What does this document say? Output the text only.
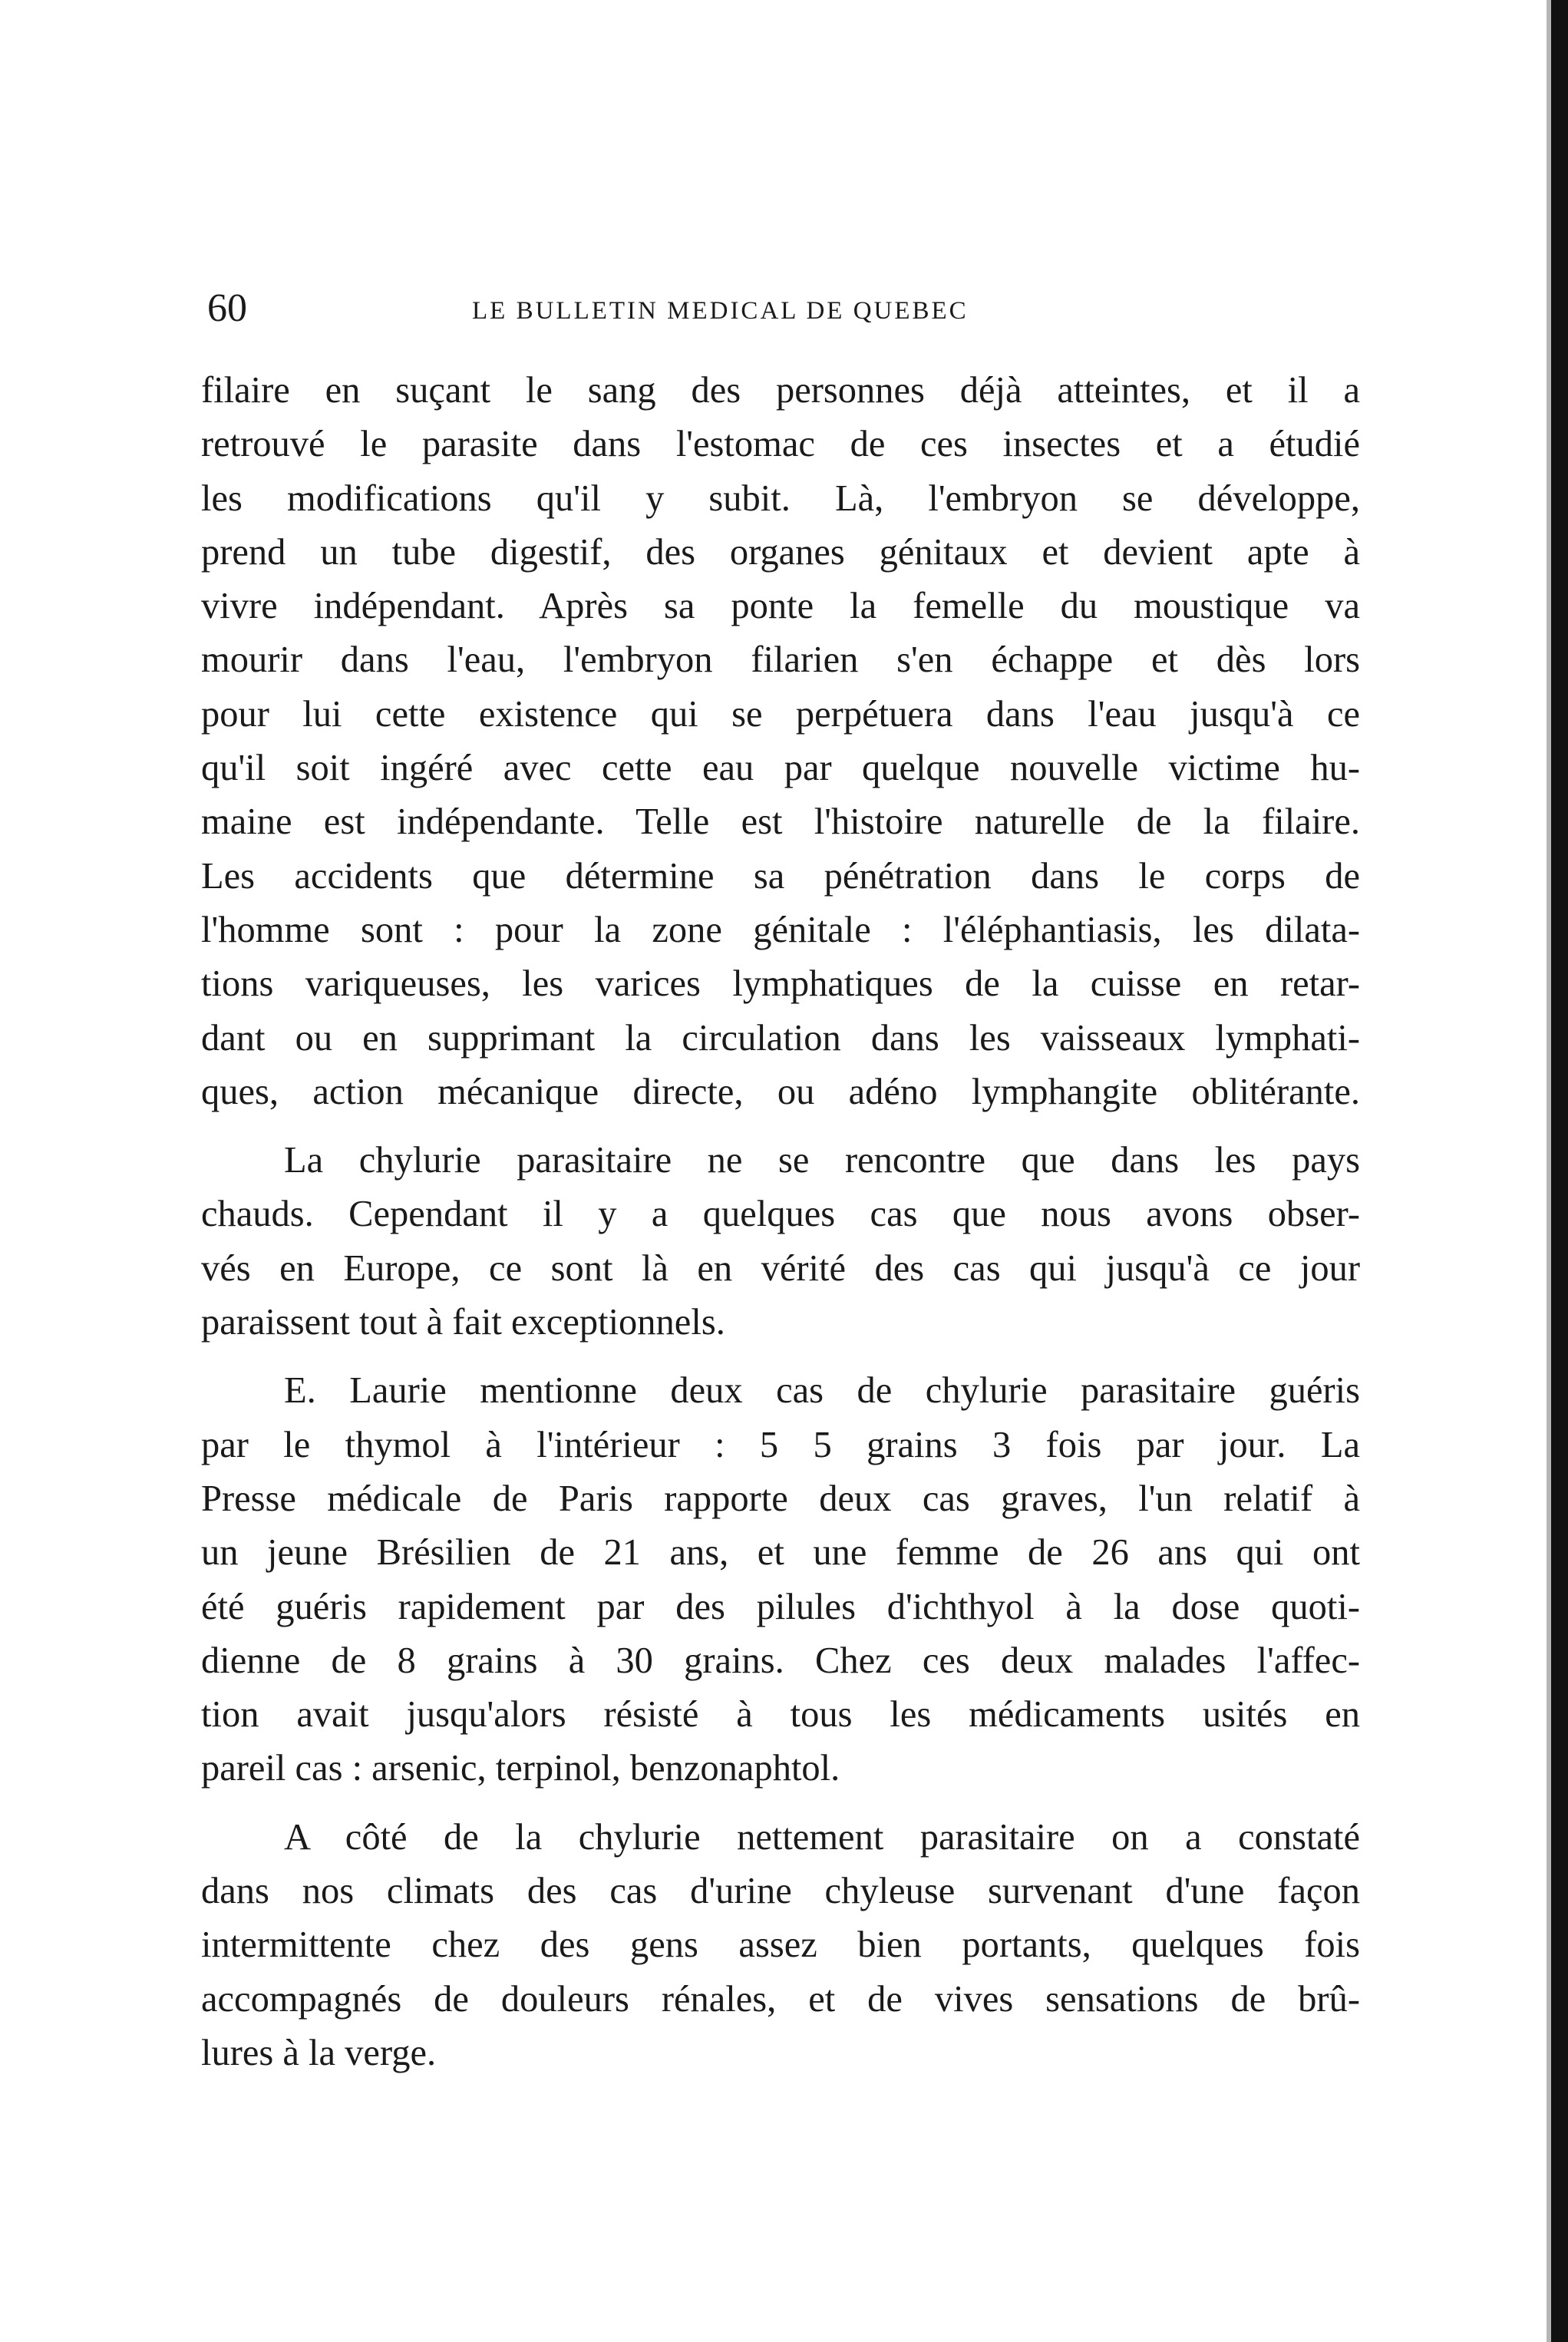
60	LE BULLETIN MEDICAL DE QUEBEC
filaire en suçant le sang des personnes déjà atteintes, et il a
retrouvé le parasite dans l'estomac de ces insectes et a étudié
les modifications qu'il y subit. Là, l'embryon se développe,
prend un tube digestif, des organes génitaux et devient apte à
vivre indépendant. Après sa ponte la femelle du moustique va
mourir dans l'eau, l'embryon filarien s'en échappe et dès lors
pour lui cette existence qui se perpétuera dans l'eau jusqu'à ce
qu'il soit ingéré avec cette eau par quelque nouvelle victime hu-
maine est indépendante. Telle est l'histoire naturelle de la filaire.
Les accidents que détermine sa pénétration dans le corps de
l'homme sont : pour la zone génitale : l'éléphantiasis, les dilata-
tions variqueuses, les varices lymphatiques de la cuisse en retar-
dant ou en supprimant la circulation dans les vaisseaux lymphati-
ques, action mécanique directe, ou adéno lymphangite oblitérante.
La chylurie parasitaire ne se rencontre que dans les pays
chauds. Cependant il y a quelques cas que nous avons obser-
vés en Europe, ce sont là en vérité des cas qui jusqu'à ce jour
paraissent tout à fait exceptionnels.
E. Laurie mentionne deux cas de chylurie parasitaire guéris
par le thymol à l'intérieur : 5 5 grains 3 fois par jour. La
Presse médicale de Paris rapporte deux cas graves, l'un relatif à
un jeune Brésilien de 21 ans, et une femme de 26 ans qui ont
été guéris rapidement par des pilules d'ichthyol à la dose quoti-
dienne de 8 grains à 30 grains. Chez ces deux malades l'affec-
tion avait jusqu'alors résisté à tous les médicaments usités en
pareil cas : arsenic, terpinol, benzonaphtol.
A côté de la chylurie nettement parasitaire on a constaté
dans nos climats des cas d'urine chyleuse survenant d'une façon
intermittente chez des gens assez bien portants, quelques fois
accompagnés de douleurs rénales, et de vives sensations de brû-
lures à la verge.
